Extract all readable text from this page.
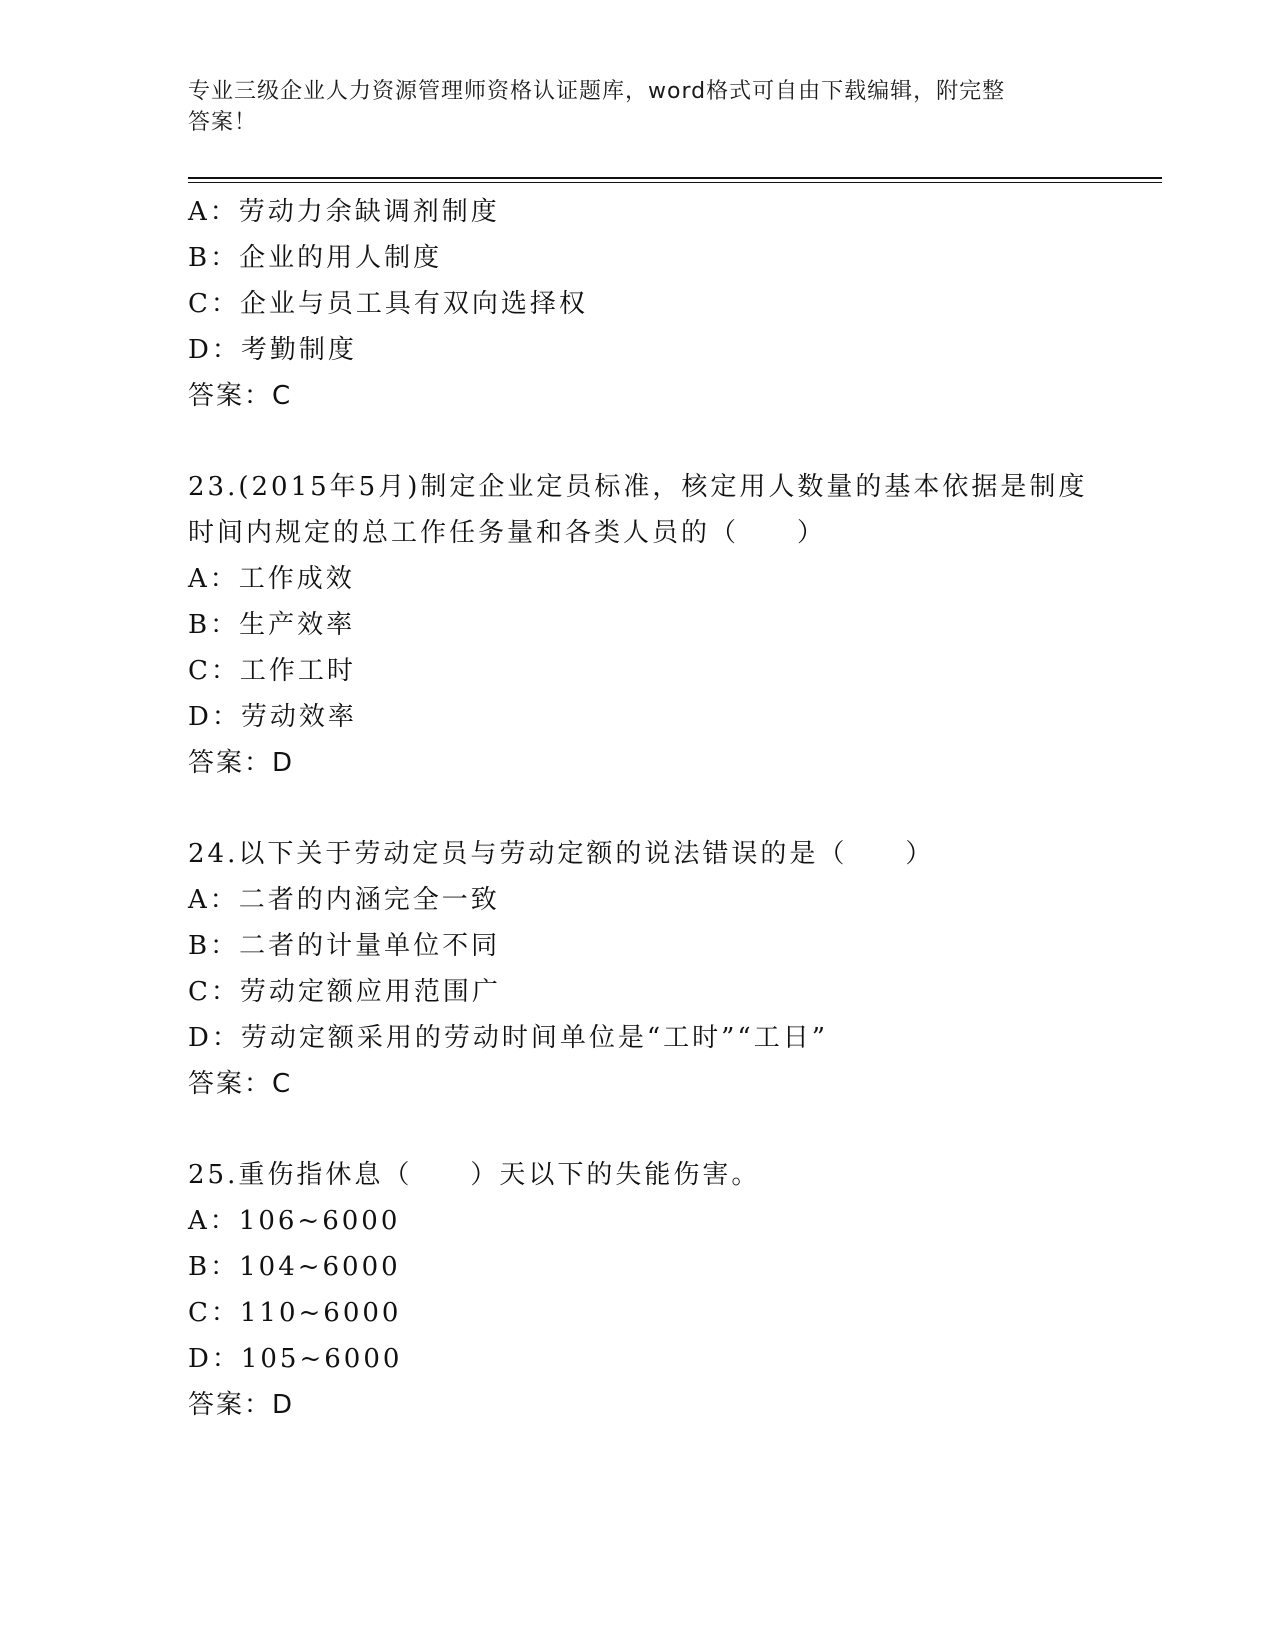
专业三级企业人力资源管理师资格认证题库，word格式可自由下载编辑，附完整
答案！
A：劳动力余缺调剂制度
B：企业的用人制度
C：企业与员工具有双向选择权
D：考勤制度
答案：C
23.(2015年5月)制定企业定员标准，核定用人数量的基本依据是制度
时间内规定的总工作任务量和各类人员的（　　）
A：工作成效
B：生产效率
C：工作工时
D：劳动效率
答案：D
24.以下关于劳动定员与劳动定额的说法错误的是（　　）
A：二者的内涵完全一致
B：二者的计量单位不同
C：劳动定额应用范围广
D：劳动定额采用的劳动时间单位是“工时”“工日”
答案：C
25.重伤指休息（　　）天以下的失能伤害。
A：106~6000
B：104~6000
C：110~6000
D：105~6000
答案：D
